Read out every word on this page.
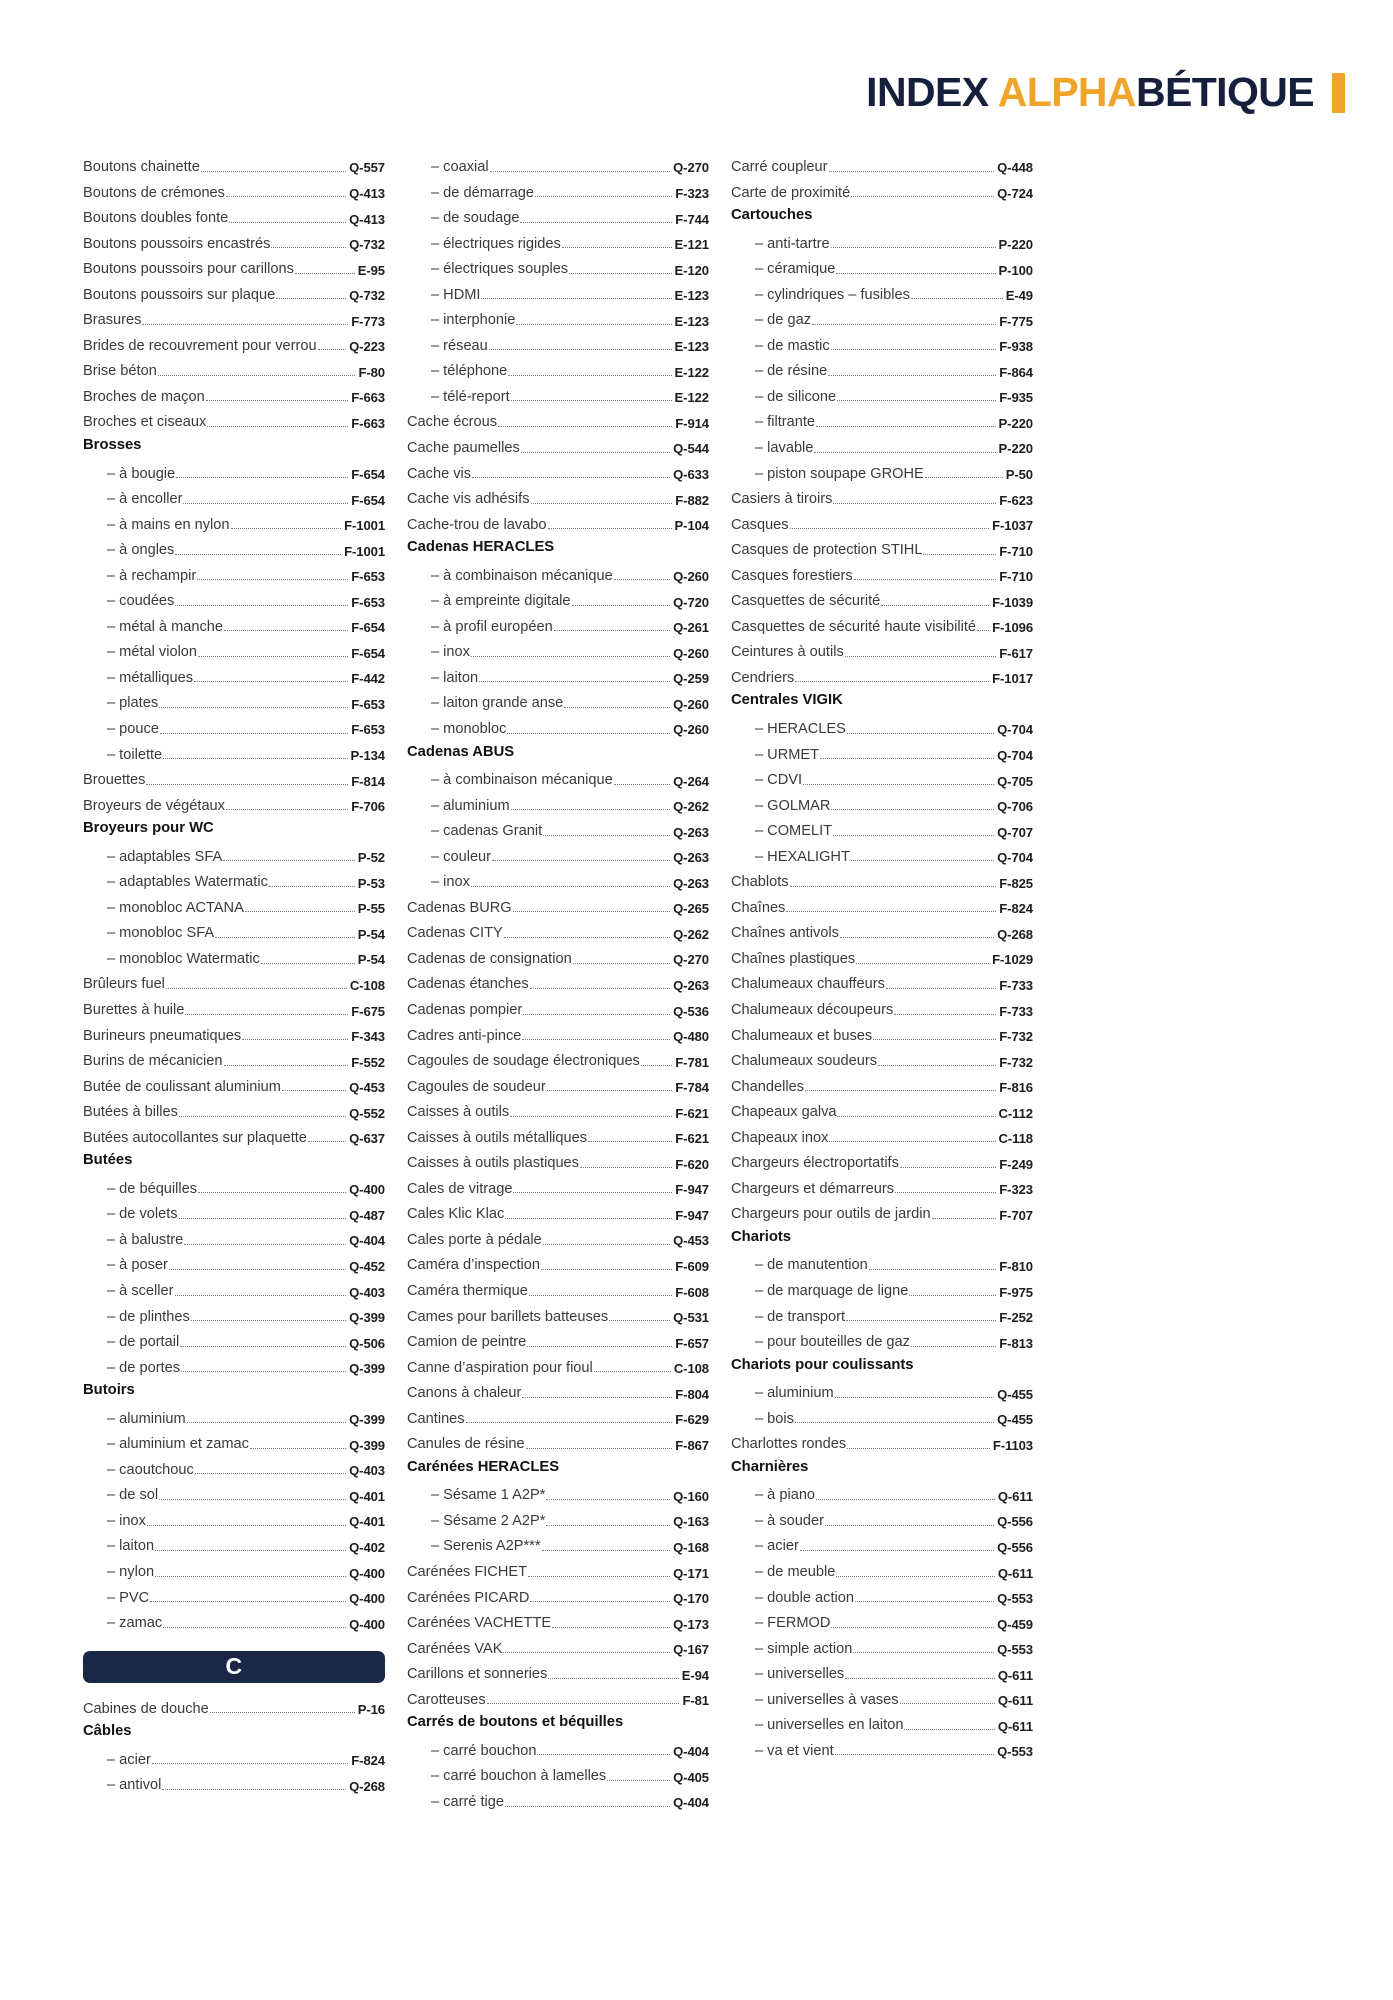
INDEX ALPHABÉTIQUE
Boutons chainette	Q-557
Boutons de crémones	Q-413
Boutons doubles fonte	Q-413
Boutons poussoirs encastrés	Q-732
Boutons poussoirs pour carillons	E-95
Boutons poussoirs sur plaque	Q-732
Brasures	F-773
Brides de recouvrement pour verrou Q-223
Brise béton	F-80
Broches de maçon	F-663
Broches et ciseaux	F-663
Brosses
– à bougie	F-654
– à encoller	F-654
– à mains en nylon	F-1001
– à ongles	F-1001
– à rechampir	F-653
– coudées	F-653
– métal à manche	F-654
– métal violon	F-654
– métalliques	F-442
– plates	F-653
– pouce	F-653
– toilette	P-134
Brouettes	F-814
Broyeurs de végétaux	F-706
Broyeurs pour WC
– adaptables SFA	P-52
– adaptables Watermatic	P-53
– monobloc ACTANA	P-55
– monobloc SFA	P-54
– monobloc Watermatic	P-54
Brûleurs fuel	C-108
Burettes à huile	F-675
Burineurs pneumatiques	F-343
Burins de mécanicien	F-552
Butée de coulissant aluminium	Q-453
Butées à billes	Q-552
Butées autocollantes sur plaquette	Q-637
Butées
– de béquilles	Q-400
– de volets	Q-487
– à balustre	Q-404
– à poser	Q-452
– à sceller	Q-403
– de plinthes	Q-399
– de portail	Q-506
– de portes	Q-399
Butoirs
– aluminium	Q-399
– aluminium et zamac	Q-399
– caoutchouc	Q-403
– de sol	Q-401
– inox	Q-401
– laiton	Q-402
– nylon	Q-400
– PVC	Q-400
– zamac	Q-400
C
Cabines de douche	P-16
Câbles
– acier	F-824
– antivol	Q-268
– coaxial	Q-270
– de démarrage	F-323
– de soudage	F-744
– électriques rigides	E-121
– électriques souples	E-120
– HDMI	E-123
– interphonie	E-123
– réseau	E-123
– téléphone	E-122
– télé-report	E-122
Cache écrous	F-914
Cache paumelles	Q-544
Cache vis	Q-633
Cache vis adhésifs	F-882
Cache-trou de lavabo	P-104
Cadenas HERACLES
– à combinaison mécanique	Q-260
– à empreinte digitale	Q-720
– à profil européen	Q-261
– inox	Q-260
– laiton	Q-259
– laiton grande anse	Q-260
– monobloc	Q-260
Cadenas ABUS
– à combinaison mécanique	Q-264
– aluminium	Q-262
– cadenas Granit	Q-263
– couleur	Q-263
– inox	Q-263
Cadenas BURG	Q-265
Cadenas CITY	Q-262
Cadenas de consignation	Q-270
Cadenas étanches	Q-263
Cadenas pompier	Q-536
Cadres anti-pince	Q-480
Cagoules de soudage électroniques	F-781
Cagoules de soudeur	F-784
Caisses à outils	F-621
Caisses à outils métalliques	F-621
Caisses à outils plastiques	F-620
Cales de vitrage	F-947
Cales Klic Klac	F-947
Cales porte à pédale	Q-453
Caméra d’inspection	F-609
Caméra thermique	F-608
Cames pour barillets batteuses	Q-531
Camion de peintre	F-657
Canne d’aspiration pour fioul	C-108
Canons à chaleur	F-804
Cantines	F-629
Canules de résine	F-867
Carénées HERACLES
– Sésame 1 A2P*	Q-160
– Sésame 2 A2P*	Q-163
– Serenis A2P***	Q-168
Carénées FICHET	Q-171
Carénées PICARD	Q-170
Carénées VACHETTE	Q-173
Carénées VAK	Q-167
Carillons et sonneries	E-94
Carotteuses	F-81
Carrés de boutons et béquilles
– carré bouchon	Q-404
– carré bouchon à lamelles	Q-405
– carré tige	Q-404
Carré coupleur	Q-448
Carte de proximité	Q-724
Cartouches
– anti-tartre	P-220
– céramique	P-100
– cylindriques – fusibles	E-49
– de gaz	F-775
– de mastic	F-938
– de résine	F-864
– de silicone	F-935
– filtrante	P-220
– lavable	P-220
– piston soupape GROHE	P-50
Casiers à tiroirs	F-623
Casques	F-1037
Casques de protection STIHL	F-710
Casques forestiers	F-710
Casquettes de sécurité	F-1039
Casquettes de sécurité haute visibilité F-1096
Ceintures à outils	F-617
Cendriers	F-1017
Centrales VIGIK
– HERACLES	Q-704
– URMET	Q-704
– CDVI	Q-705
– GOLMAR	Q-706
– COMELIT	Q-707
– HEXALIGHT	Q-704
Chablots	F-825
Chaînes	F-824
Chaînes antivols	Q-268
Chaînes plastiques	F-1029
Chalumeaux chauffeurs	F-733
Chalumeaux découpeurs	F-733
Chalumeaux et buses	F-732
Chalumeaux soudeurs	F-732
Chandelles	F-816
Chapeaux galva	C-112
Chapeaux inox	C-118
Chargeurs électroportatifs	F-249
Chargeurs et démarreurs	F-323
Chargeurs pour outils de jardin	F-707
Chariots
– de manutention	F-810
– de marquage de ligne	F-975
– de transport	F-252
– pour bouteilles de gaz	F-813
Chariots pour coulissants
– aluminium	Q-455
– bois	Q-455
Charlottes rondes	F-1103
Charnières
– à piano	Q-611
– à souder	Q-556
– acier	Q-556
– de meuble	Q-611
– double action	Q-553
– FERMOD	Q-459
– simple action	Q-553
– universelles	Q-611
– universelles à vases	Q-611
– universelles en laiton	Q-611
– va et vient	Q-553
